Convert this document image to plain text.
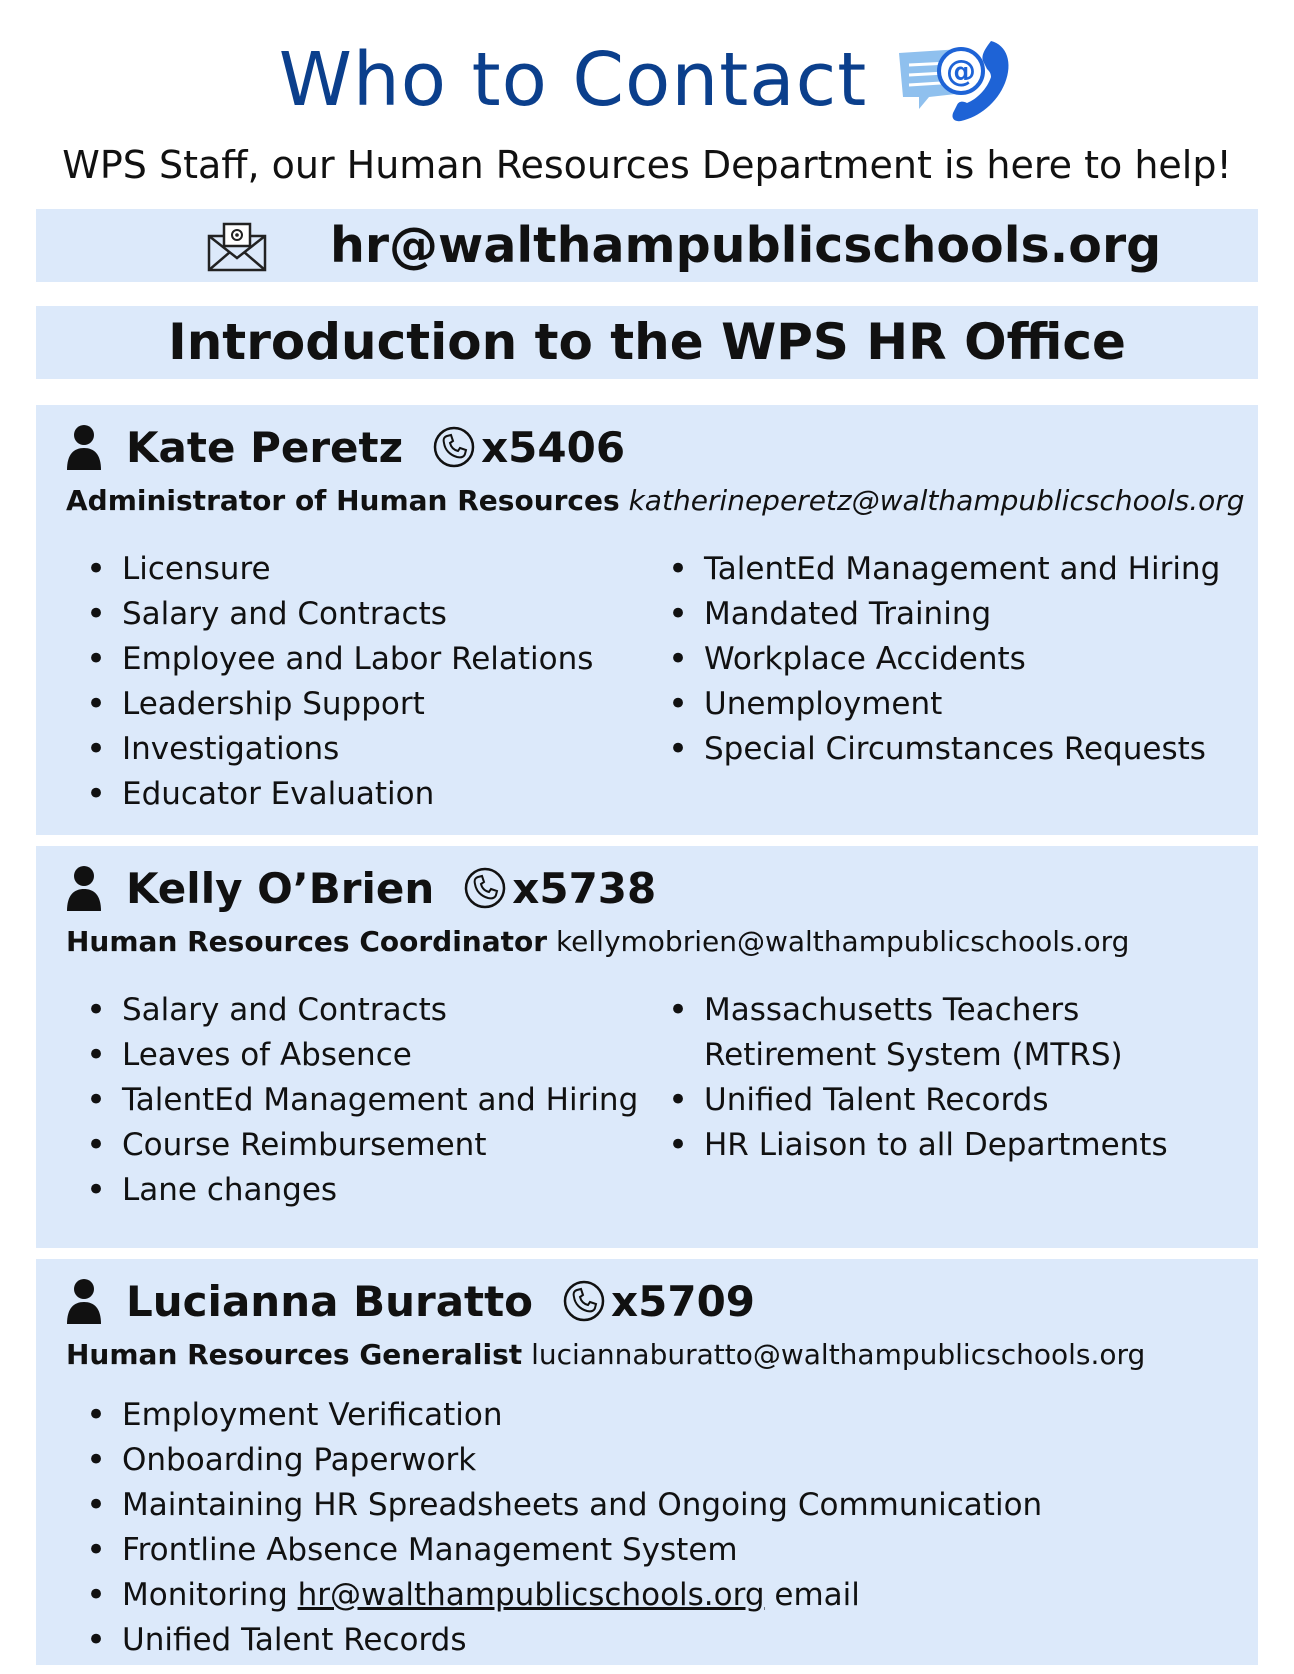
Who to Contact	@
WPS Staff, our Human Resources Department is here to help!
hr@walthampublicschools.org
Introduction to the WPS HR Office
Kate Peretz x5406
Administrator of Human Resources katherineperetz@walthampublicschools.org
• Licensure
• Salary and Contracts
• Employee and Labor Relations
• Leadership Support
• Investigations
• Educator Evaluation
• TalentEd Management and Hiring
• Mandated Training
• Workplace Accidents
• Unemployment
• Special Circumstances Requests
Kelly O’Brien x5738
Human Resources Coordinator kellymobrien@walthampublicschools.org
• Salary and Contracts
• Leaves of Absence
• TalentEd Management and Hiring
• Course Reimbursement
• Lane changes
• Massachusetts Teachers Retirement System (MTRS)
• Unified Talent Records
• HR Liaison to all Departments
Lucianna Buratto x5709
Human Resources Generalist luciannaburatto@walthampublicschools.org
• Employment Verification
• Onboarding Paperwork
• Maintaining HR Spreadsheets and Ongoing Communication
• Frontline Absence Management System
• Monitoring hr@walthampublicschools.org email
• Unified Talent Records
